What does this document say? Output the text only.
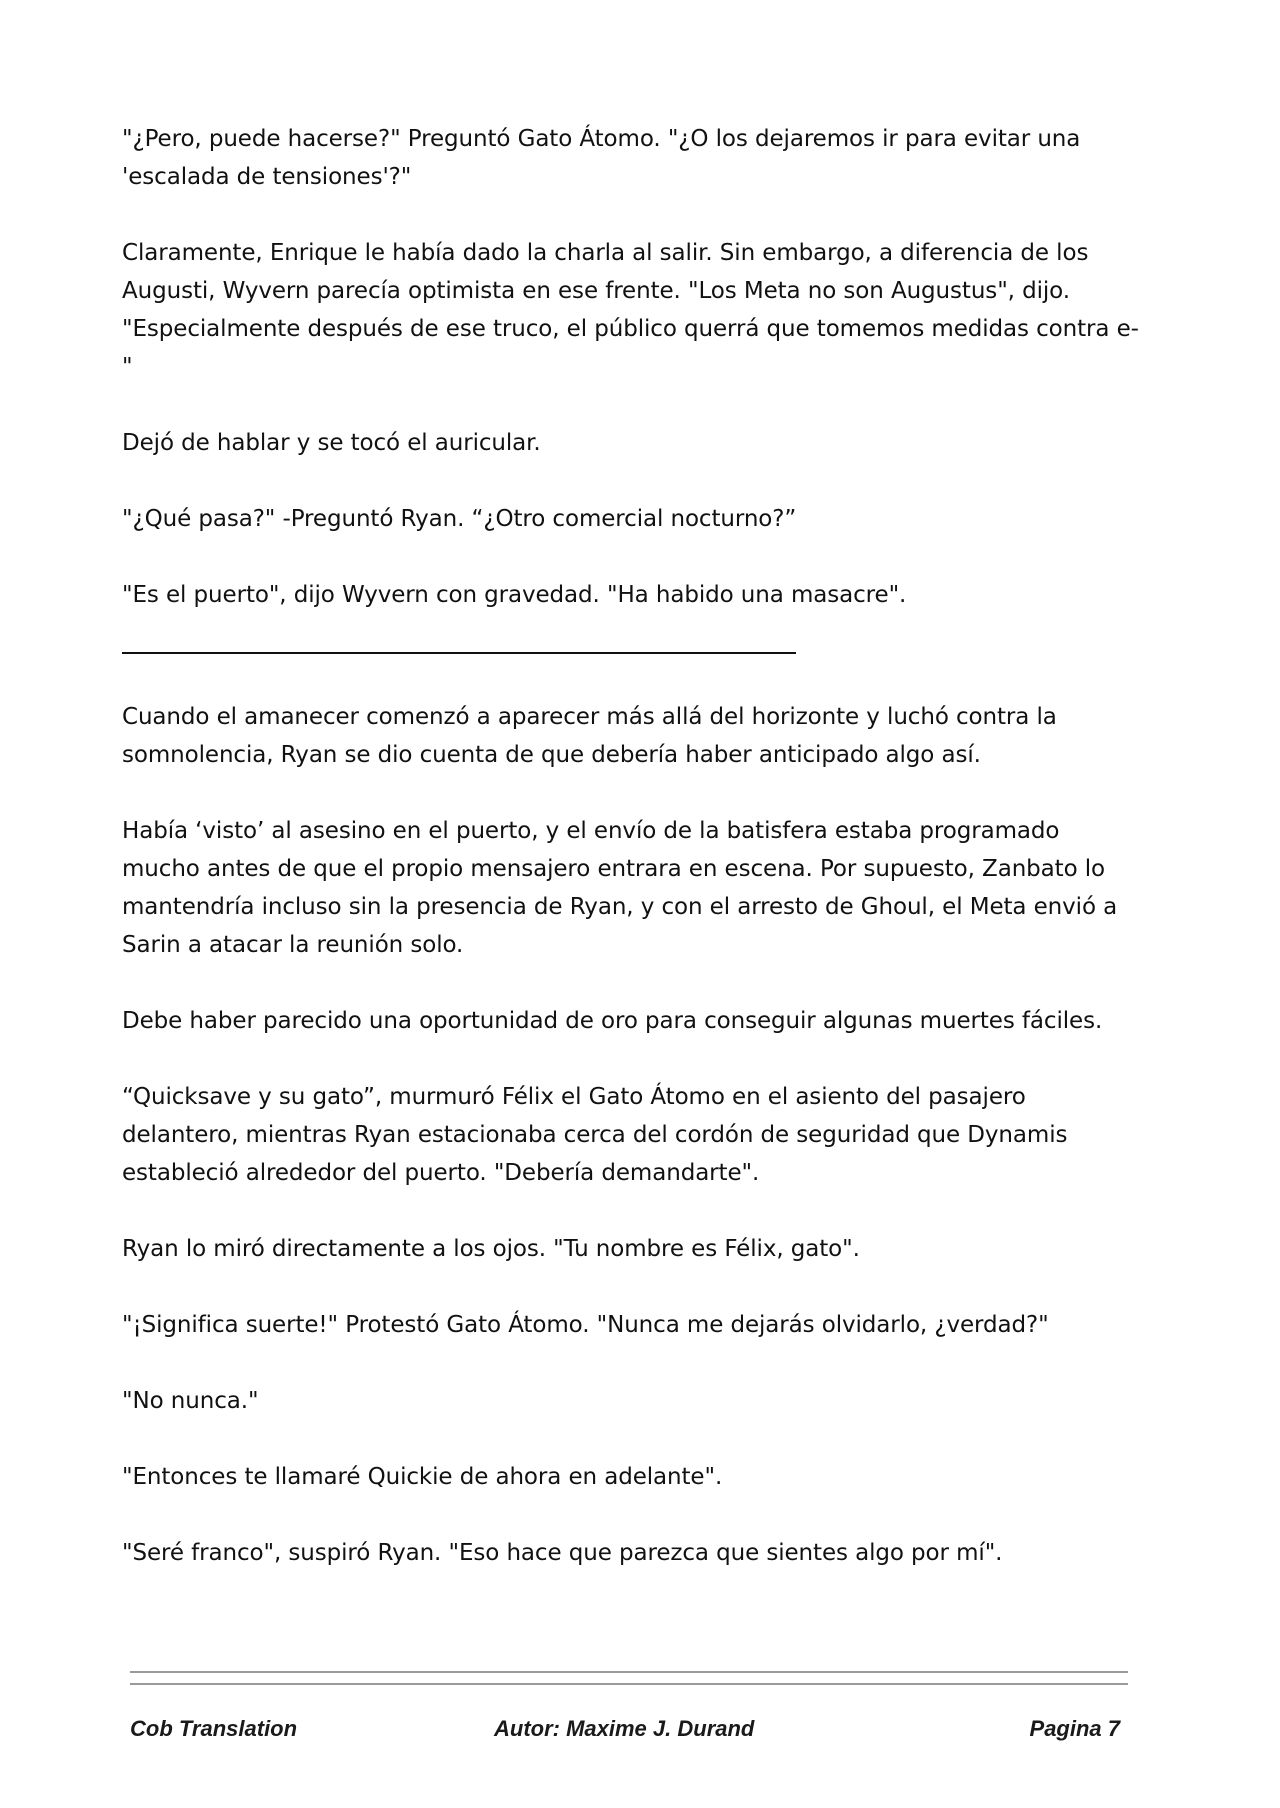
"¿Pero, puede hacerse?" Preguntó Gato Átomo. "¿O los dejaremos ir para evitar una 'escalada de tensiones'?"

Claramente, Enrique le había dado la charla al salir. Sin embargo, a diferencia de los Augusti, Wyvern parecía optimista en ese frente. "Los Meta no son Augustus", dijo. "Especialmente después de ese truco, el público querrá que tomemos medidas contra e-"

Dejó de hablar y se tocó el auricular.

"¿Qué pasa?" -Preguntó Ryan. “¿Otro comercial nocturno?”

"Es el puerto", dijo Wyvern con gravedad. "Ha habido una masacre".

Cuando el amanecer comenzó a aparecer más allá del horizonte y luchó contra la somnolencia, Ryan se dio cuenta de que debería haber anticipado algo así.

Había ‘visto’ al asesino en el puerto, y el envío de la batisfera estaba programado mucho antes de que el propio mensajero entrara en escena. Por supuesto, Zanbato lo mantendría incluso sin la presencia de Ryan, y con el arresto de Ghoul, el Meta envió a Sarin a atacar la reunión solo.

Debe haber parecido una oportunidad de oro para conseguir algunas muertes fáciles.

“Quicksave y su gato”, murmuró Félix el Gato Átomo en el asiento del pasajero delantero, mientras Ryan estacionaba cerca del cordón de seguridad que Dynamis estableció alrededor del puerto. "Debería demandarte".

Ryan lo miró directamente a los ojos. "Tu nombre es Félix, gato".

"¡Significa suerte!" Protestó Gato Átomo. "Nunca me dejarás olvidarlo, ¿verdad?"

"No nunca."

"Entonces te llamaré Quickie de ahora en adelante".

"Seré franco", suspiró Ryan. "Eso hace que parezca que sientes algo por mí".

Cob Translation	Autor: Maxime J. Durand	Pagina 7
